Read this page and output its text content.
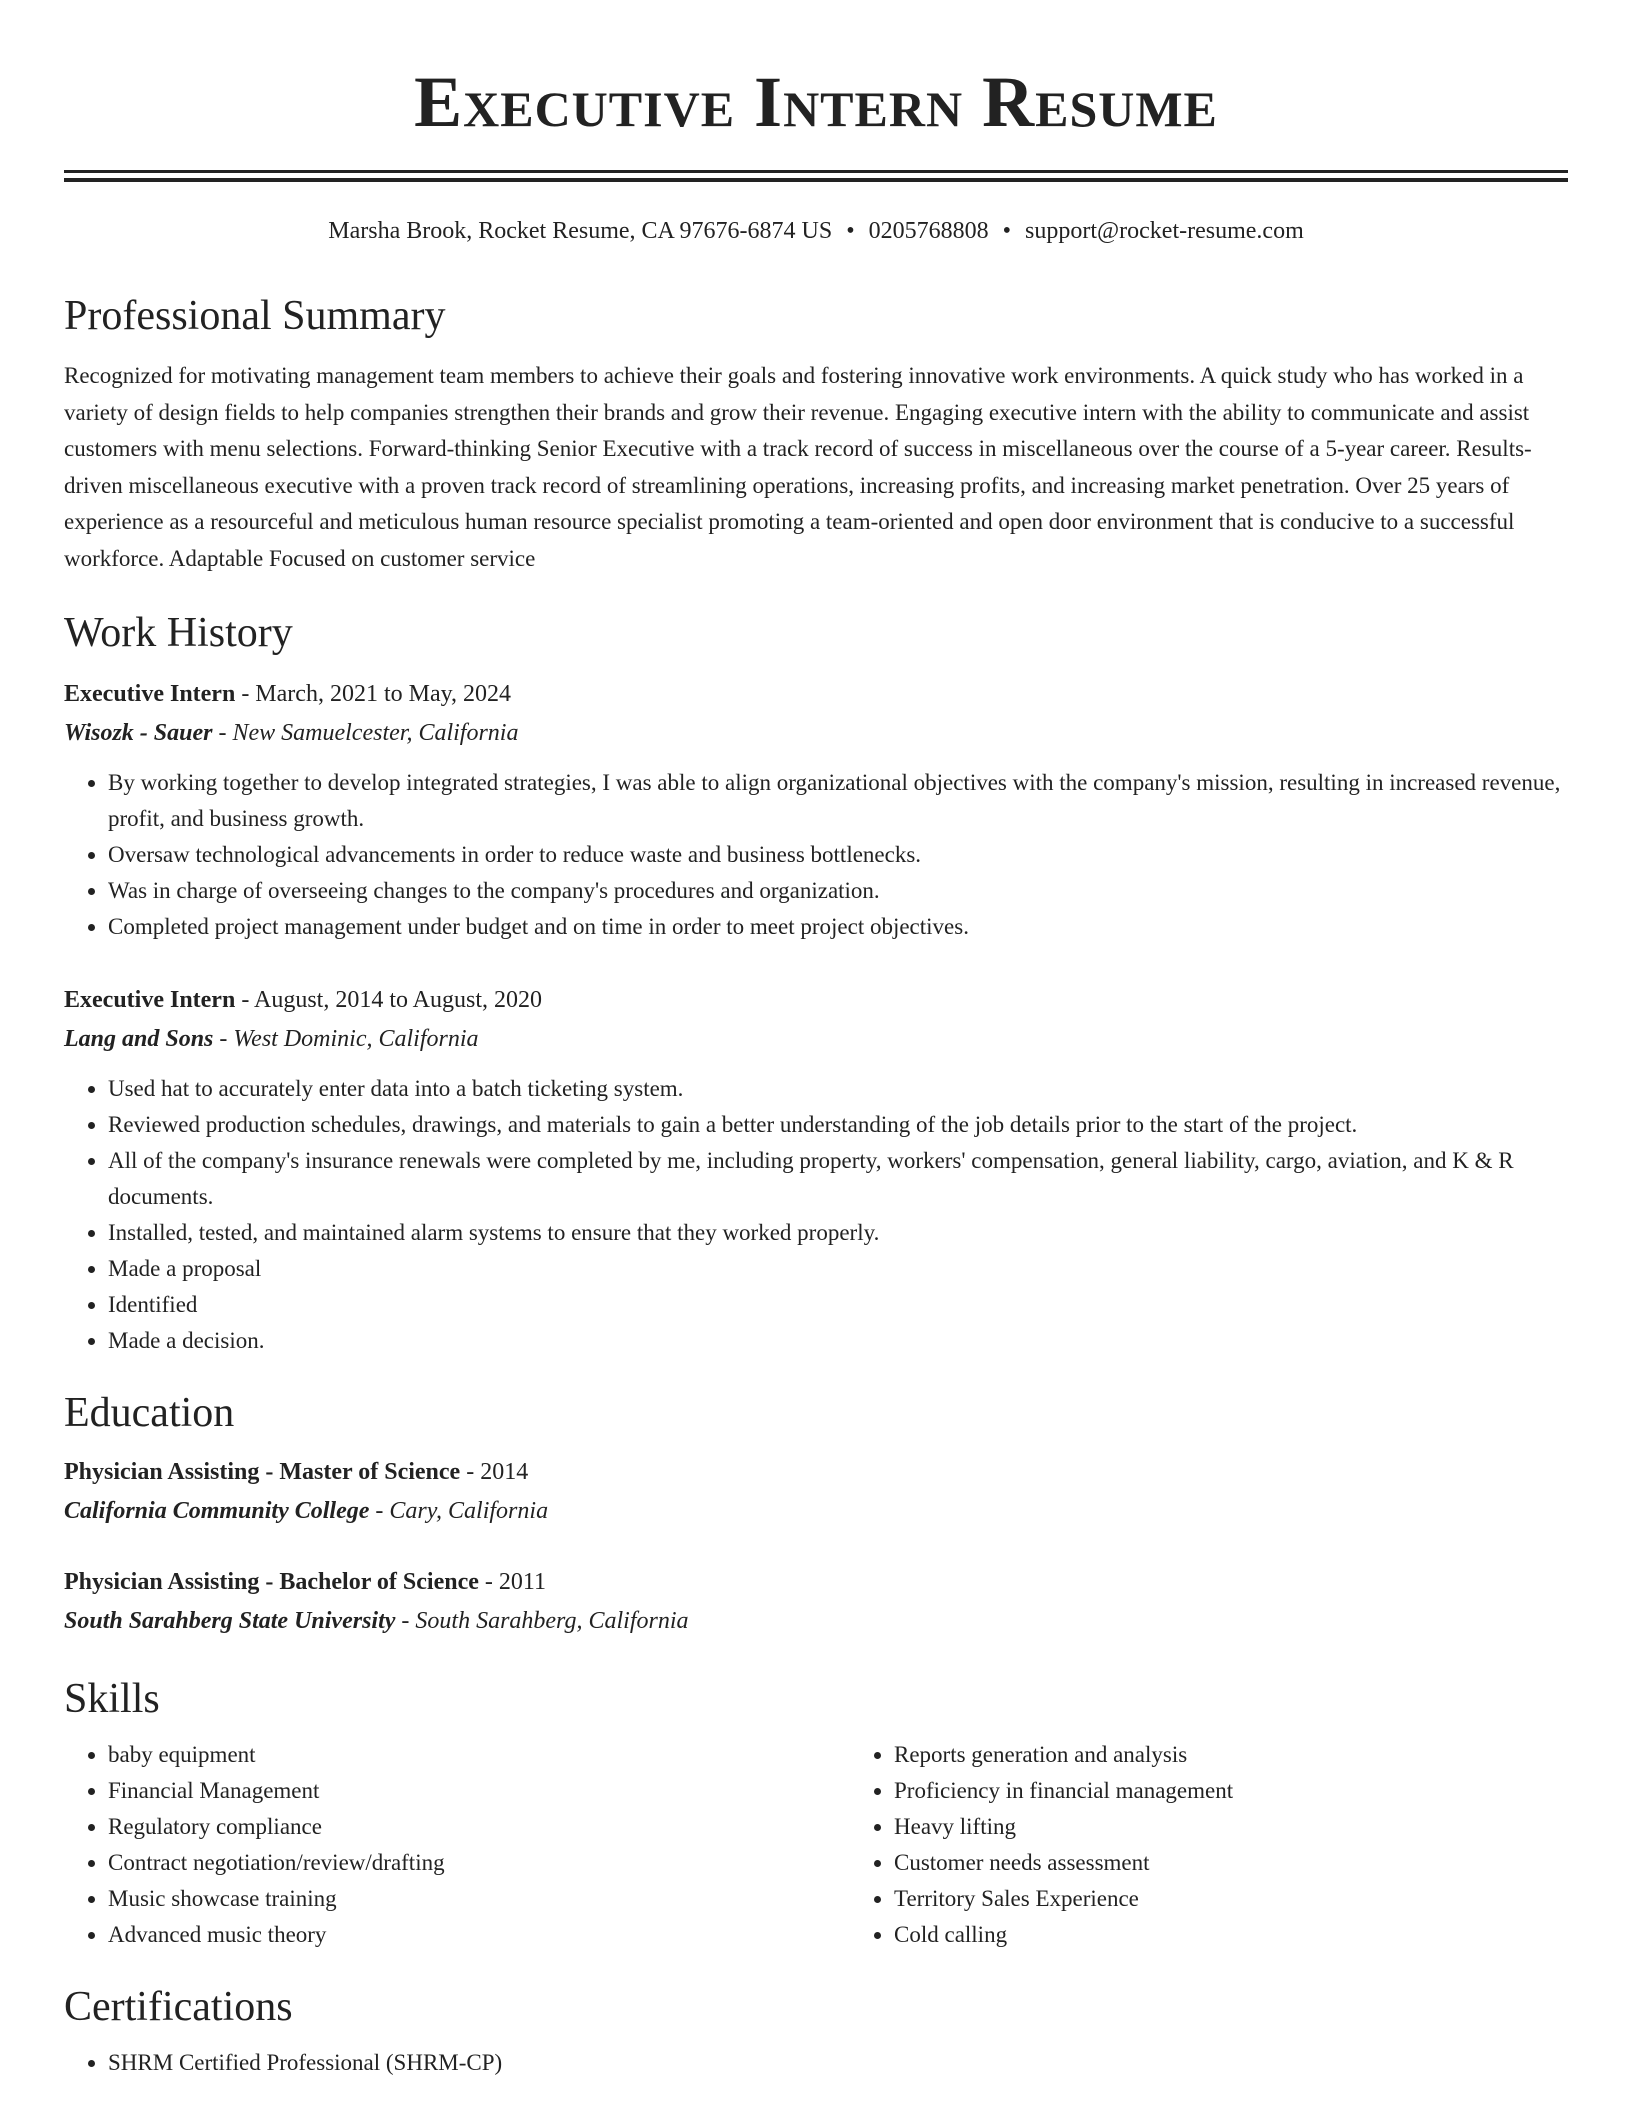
Executive Intern Resume
Marsha Brook, Rocket Resume, CA 97676-6874 US • 0205768808 • support@rocket-resume.com
Professional Summary

Recognized for motivating management team members to achieve their goals and fostering innovative work environments. A quick study who has worked in a variety of design fields to help companies strengthen their brands and grow their revenue. Engaging executive intern with the ability to communicate and assist customers with menu selections. Forward-thinking Senior Executive with a track record of success in miscellaneous over the course of a 5-year career. Results-driven miscellaneous executive with a proven track record of streamlining operations, increasing profits, and increasing market penetration. Over 25 years of experience as a resourceful and meticulous human resource specialist promoting a team-oriented and open door environment that is conducive to a successful workforce. Adaptable Focused on customer service

Work History
Executive Intern - March, 2021 to May, 2024
Wisozk - Sauer - New Samuelcester, California
• By working together to develop integrated strategies, I was able to align organizational objectives with the company's mission, resulting in increased revenue, profit, and business growth.
• Oversaw technological advancements in order to reduce waste and business bottlenecks.
• Was in charge of overseeing changes to the company's procedures and organization.
• Completed project management under budget and on time in order to meet project objectives.
Executive Intern - August, 2014 to August, 2020
Lang and Sons - West Dominic, California
• Used hat to accurately enter data into a batch ticketing system.
• Reviewed production schedules, drawings, and materials to gain a better understanding of the job details prior to the start of the project.
• All of the company's insurance renewals were completed by me, including property, workers' compensation, general liability, cargo, aviation, and K & R documents.
• Installed, tested, and maintained alarm systems to ensure that they worked properly.
• Made a proposal
• Identified
• Made a decision.
Education
Physician Assisting - Master of Science - 2014
California Community College - Cary, California
Physician Assisting - Bachelor of Science - 2011
South Sarahberg State University - South Sarahberg, California
Skills
• baby equipment
• Financial Management
• Regulatory compliance
• Contract negotiation/review/drafting
• Music showcase training
• Advanced music theory
• Reports generation and analysis
• Proficiency in financial management
• Heavy lifting
• Customer needs assessment
• Territory Sales Experience
• Cold calling
Certifications
• SHRM Certified Professional (SHRM-CP)
